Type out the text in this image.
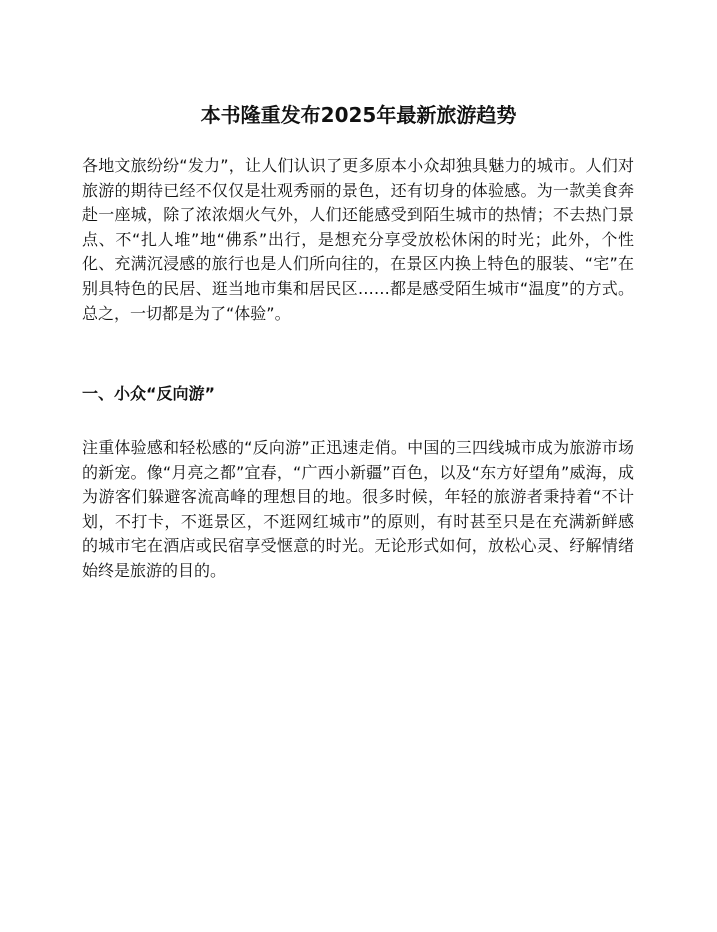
本书隆重发布2025年最新旅游趋势

各地文旅纷纷“发力”，让人们认识了更多原本小众却独具魅力的城市。人们对旅游的期待已经不仅仅是壮观秀丽的景色，还有切身的体验感。为一款美食奔赴一座城，除了浓浓烟火气外，人们还能感受到陌生城市的热情；不去热门景点、不“扎人堆”地“佛系”出行，是想充分享受放松休闲的时光；此外，个性化、充满沉浸感的旅行也是人们所向往的，在景区内换上特色的服装、“宅”在别具特色的民居、逛当地市集和居民区……都是感受陌生城市“温度”的方式。总之，一切都是为了“体验”。

一、小众“反向游”

注重体验感和轻松感的“反向游”正迅速走俏。中国的三四线城市成为旅游市场的新宠。像“月亮之都”宜春，“广西小新疆”百色，以及“东方好望角”威海，成为游客们躲避客流高峰的理想目的地。很多时候，年轻的旅游者秉持着“不计划，不打卡，不逛景区，不逛网红城市”的原则，有时甚至只是在充满新鲜感的城市宅在酒店或民宿享受惬意的时光。无论形式如何，放松心灵、纾解情绪始终是旅游的目的。
